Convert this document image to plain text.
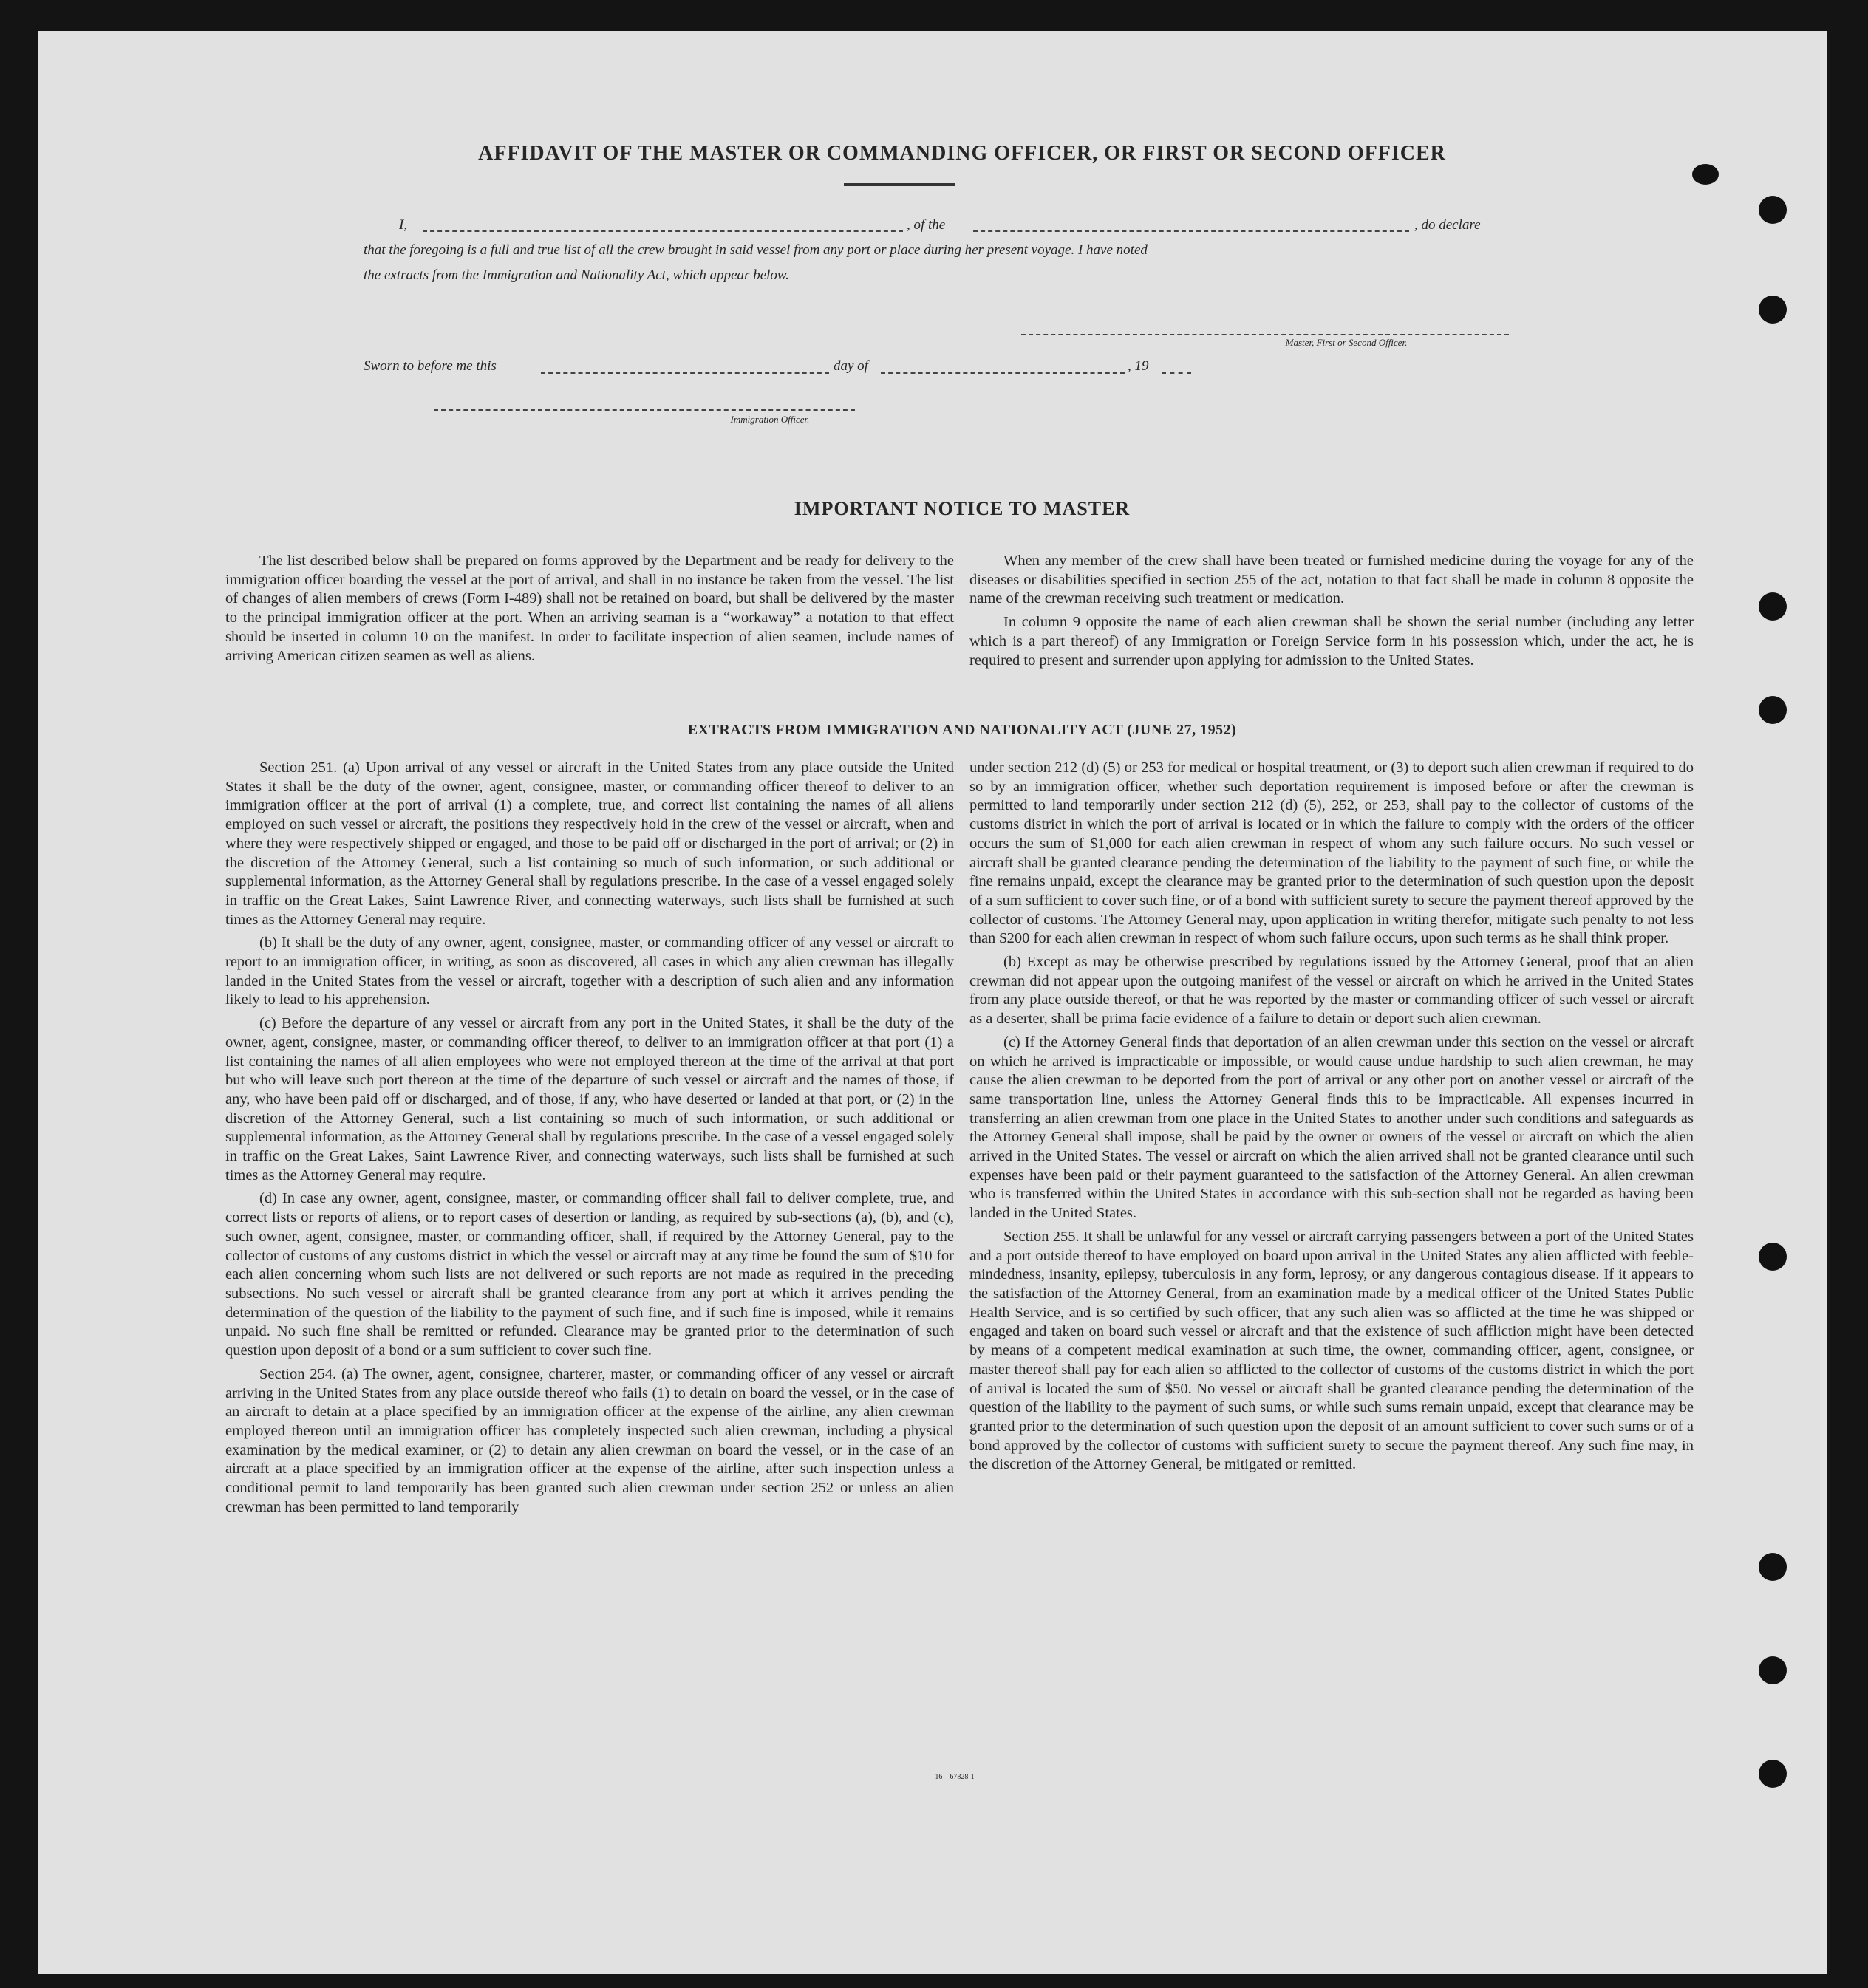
AFFIDAVIT OF THE MASTER OR COMMANDING OFFICER, OR FIRST OR SECOND OFFICER
I,	, of the	, do declare
that the foregoing is a full and true list of all the crew brought in said vessel from any port or place during her present voyage. I have noted
the extracts from the Immigration and Nationality Act, which appear below.
Master, First or Second Officer.
Sworn to before me this	day of	, 19
Immigration Officer.
IMPORTANT NOTICE TO MASTER

The list described below shall be prepared on forms approved by the Department and be ready for delivery to the immigration officer boarding the vessel at the port of arrival, and shall in no instance be taken from the vessel. The list of changes of alien members of crews (Form I-489) shall not be retained on board, but shall be delivered by the master to the principal immigration officer at the port. When an arriving seaman is a “workaway” a notation to that effect should be inserted in column 10 on the manifest. In order to facilitate inspection of alien seamen, include names of arriving American citizen seamen as well as aliens.

When any member of the crew shall have been treated or furnished medicine during the voyage for any of the diseases or disabilities specified in section 255 of the act, notation to that fact shall be made in column 8 opposite the name of the crewman receiving such treatment or medication.

In column 9 opposite the name of each alien crewman shall be shown the serial number (including any letter which is a part thereof) of any Immigration or Foreign Service form in his possession which, under the act, he is required to present and surrender upon applying for admission to the United States.

EXTRACTS FROM IMMIGRATION AND NATIONALITY ACT (JUNE 27, 1952)

Section 251. (a) Upon arrival of any vessel or aircraft in the United States from any place outside the United States it shall be the duty of the owner, agent, consignee, master, or commanding officer thereof to deliver to an immigration officer at the port of arrival (1) a complete, true, and correct list containing the names of all aliens employed on such vessel or aircraft, the positions they respectively hold in the crew of the vessel or aircraft, when and where they were respectively shipped or engaged, and those to be paid off or discharged in the port of arrival; or (2) in the discretion of the Attorney General, such a list containing so much of such information, or such additional or supplemental information, as the Attorney General shall by regulations prescribe. In the case of a vessel engaged solely in traffic on the Great Lakes, Saint Lawrence River, and connecting waterways, such lists shall be furnished at such times as the Attorney General may require.

(b) It shall be the duty of any owner, agent, consignee, master, or commanding officer of any vessel or aircraft to report to an immigration officer, in writing, as soon as discovered, all cases in which any alien crewman has illegally landed in the United States from the vessel or aircraft, together with a description of such alien and any information likely to lead to his apprehension.

(c) Before the departure of any vessel or aircraft from any port in the United States, it shall be the duty of the owner, agent, consignee, master, or commanding officer thereof, to deliver to an immigration officer at that port (1) a list containing the names of all alien employees who were not employed thereon at the time of the arrival at that port but who will leave such port thereon at the time of the departure of such vessel or aircraft and the names of those, if any, who have been paid off or discharged, and of those, if any, who have deserted or landed at that port, or (2) in the discretion of the Attorney General, such a list containing so much of such information, or such additional or supplemental information, as the Attorney General shall by regulations prescribe. In the case of a vessel engaged solely in traffic on the Great Lakes, Saint Lawrence River, and connecting waterways, such lists shall be furnished at such times as the Attorney General may require.

(d) In case any owner, agent, consignee, master, or commanding officer shall fail to deliver complete, true, and correct lists or reports of aliens, or to report cases of desertion or landing, as required by sub-sections (a), (b), and (c), such owner, agent, consignee, master, or commanding officer, shall, if required by the Attorney General, pay to the collector of customs of any customs district in which the vessel or aircraft may at any time be found the sum of $10 for each alien concerning whom such lists are not delivered or such reports are not made as required in the preceding subsections. No such vessel or aircraft shall be granted clearance from any port at which it arrives pending the determination of the question of the liability to the payment of such fine, and if such fine is imposed, while it remains unpaid. No such fine shall be remitted or refunded. Clearance may be granted prior to the determination of such question upon deposit of a bond or a sum sufficient to cover such fine.

Section 254. (a) The owner, agent, consignee, charterer, master, or commanding officer of any vessel or aircraft arriving in the United States from any place outside thereof who fails (1) to detain on board the vessel, or in the case of an aircraft to detain at a place specified by an immigration officer at the expense of the airline, any alien crewman employed thereon until an immigration officer has completely inspected such alien crewman, including a physical examination by the medical examiner, or (2) to detain any alien crewman on board the vessel, or in the case of an aircraft at a place specified by an immigration officer at the expense of the airline, after such inspection unless a conditional permit to land temporarily has been granted such alien crewman under section 252 or unless an alien crewman has been permitted to land temporarily

under section 212 (d) (5) or 253 for medical or hospital treatment, or (3) to deport such alien crewman if required to do so by an immigration officer, whether such deportation requirement is imposed before or after the crewman is permitted to land temporarily under section 212 (d) (5), 252, or 253, shall pay to the collector of customs of the customs district in which the port of arrival is located or in which the failure to comply with the orders of the officer occurs the sum of $1,000 for each alien crewman in respect of whom any such failure occurs. No such vessel or aircraft shall be granted clearance pending the determination of the liability to the payment of such fine, or while the fine remains unpaid, except the clearance may be granted prior to the determination of such question upon the deposit of a sum sufficient to cover such fine, or of a bond with sufficient surety to secure the payment thereof approved by the collector of customs. The Attorney General may, upon application in writing therefor, mitigate such penalty to not less than $200 for each alien crewman in respect of whom such failure occurs, upon such terms as he shall think proper.

(b) Except as may be otherwise prescribed by regulations issued by the Attorney General, proof that an alien crewman did not appear upon the outgoing manifest of the vessel or aircraft on which he arrived in the United States from any place outside thereof, or that he was reported by the master or commanding officer of such vessel or aircraft as a deserter, shall be prima facie evidence of a failure to detain or deport such alien crewman.

(c) If the Attorney General finds that deportation of an alien crewman under this section on the vessel or aircraft on which he arrived is impracticable or impossible, or would cause undue hardship to such alien crewman, he may cause the alien crewman to be deported from the port of arrival or any other port on another vessel or aircraft of the same transportation line, unless the Attorney General finds this to be impracticable. All expenses incurred in transferring an alien crewman from one place in the United States to another under such conditions and safeguards as the Attorney General shall impose, shall be paid by the owner or owners of the vessel or aircraft on which the alien arrived in the United States. The vessel or aircraft on which the alien arrived shall not be granted clearance until such expenses have been paid or their payment guaranteed to the satisfaction of the Attorney General. An alien crewman who is transferred within the United States in accordance with this sub-section shall not be regarded as having been landed in the United States.

Section 255. It shall be unlawful for any vessel or aircraft carrying passengers between a port of the United States and a port outside thereof to have employed on board upon arrival in the United States any alien afflicted with feeble-mindedness, insanity, epilepsy, tuberculosis in any form, leprosy, or any dangerous contagious disease. If it appears to the satisfaction of the Attorney General, from an examination made by a medical officer of the United States Public Health Service, and is so certified by such officer, that any such alien was so afflicted at the time he was shipped or engaged and taken on board such vessel or aircraft and that the existence of such affliction might have been detected by means of a competent medical examination at such time, the owner, commanding officer, agent, consignee, or master thereof shall pay for each alien so afflicted to the collector of customs of the customs district in which the port of arrival is located the sum of $50. No vessel or aircraft shall be granted clearance pending the determination of the question of the liability to the payment of such sums, or while such sums remain unpaid, except that clearance may be granted prior to the determination of such question upon the deposit of an amount sufficient to cover such sums or of a bond approved by the collector of customs with sufficient surety to secure the payment thereof. Any such fine may, in the discretion of the Attorney General, be mitigated or remitted.

16—67828-1
